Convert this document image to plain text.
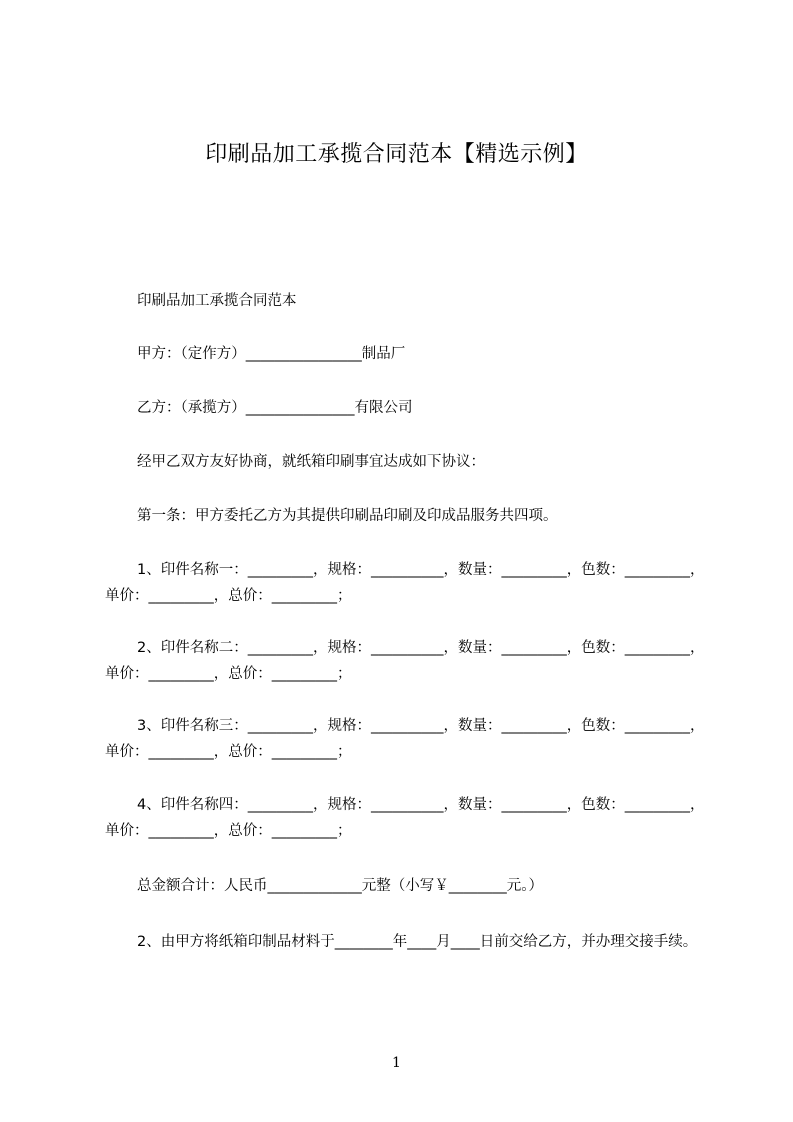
印刷品加工承揽合同范本【精选示例】
印刷品加工承揽合同范本
甲方：（定作方）________________制品厂
乙方：（承揽方）_______________有限公司
经甲乙双方友好协商，就纸箱印刷事宜达成如下协议：
第一条：甲方委托乙方为其提供印刷品印刷及印成品服务共四项。
1、印件名称一：_________，规格：__________，数量：_________，色数：_________，单价：_________，总价：_________；
2、印件名称二：_________，规格：__________，数量：_________，色数：_________，单价：_________，总价：_________；
3、印件名称三：_________，规格：__________，数量：_________，色数：_________，单价：_________，总价：_________；
4、印件名称四：_________，规格：__________，数量：_________，色数：_________，单价：_________，总价：_________；
总金额合计：人民币_____________元整（小写￥________元。）
2、由甲方将纸箱印制品材料于________年____月____日前交给乙方，并办理交接手续。
1
